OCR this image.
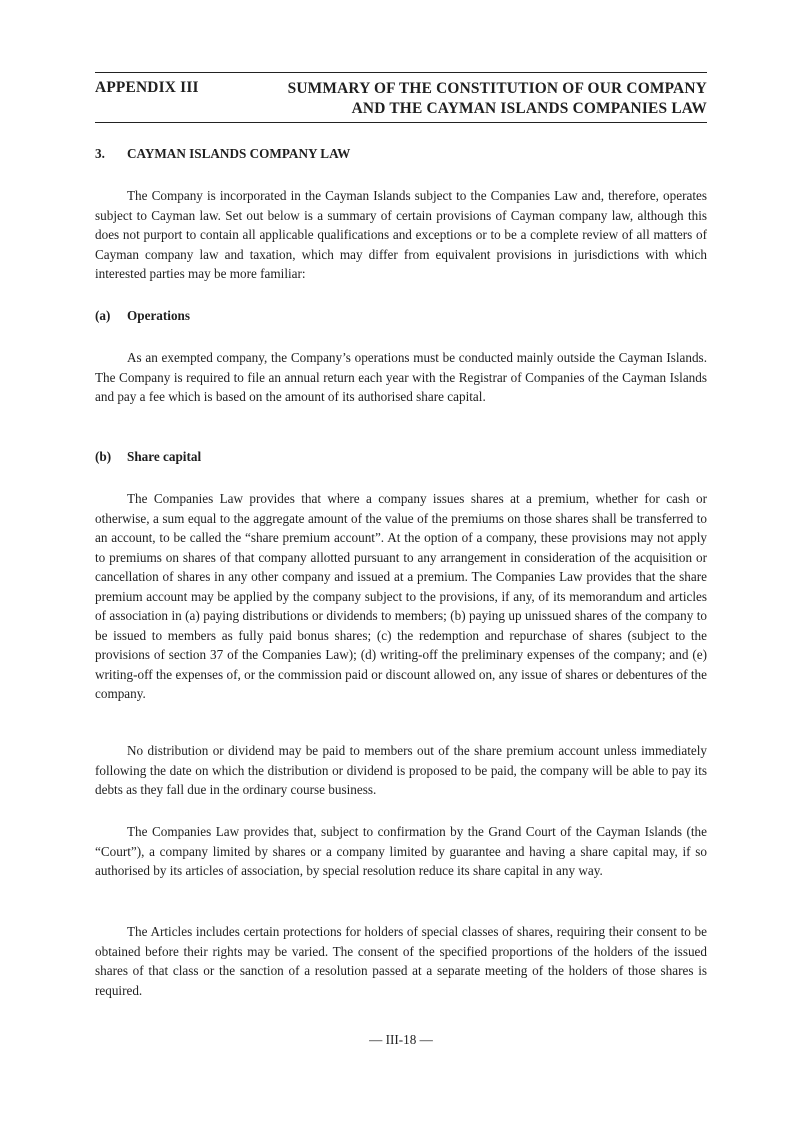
APPENDIX III	SUMMARY OF THE CONSTITUTION OF OUR COMPANY
AND THE CAYMAN ISLANDS COMPANIES LAW
3. CAYMAN ISLANDS COMPANY LAW

The Company is incorporated in the Cayman Islands subject to the Companies Law and, therefore, operates subject to Cayman law. Set out below is a summary of certain provisions of Cayman company law, although this does not purport to contain all applicable qualifications and exceptions or to be a complete review of all matters of Cayman company law and taxation, which may differ from equivalent provisions in jurisdictions with which interested parties may be more familiar:

(a) Operations

As an exempted company, the Company’s operations must be conducted mainly outside the Cayman Islands. The Company is required to file an annual return each year with the Registrar of Companies of the Cayman Islands and pay a fee which is based on the amount of its authorised share capital.

(b) Share capital

The Companies Law provides that where a company issues shares at a premium, whether for cash or otherwise, a sum equal to the aggregate amount of the value of the premiums on those shares shall be transferred to an account, to be called the “share premium account”. At the option of a company, these provisions may not apply to premiums on shares of that company allotted pursuant to any arrangement in consideration of the acquisition or cancellation of shares in any other company and issued at a premium. The Companies Law provides that the share premium account may be applied by the company subject to the provisions, if any, of its memorandum and articles of association in (a) paying distributions or dividends to members; (b) paying up unissued shares of the company to be issued to members as fully paid bonus shares; (c) the redemption and repurchase of shares (subject to the provisions of section 37 of the Companies Law); (d) writing-off the preliminary expenses of the company; and (e) writing-off the expenses of, or the commission paid or discount allowed on, any issue of shares or debentures of the company.

No distribution or dividend may be paid to members out of the share premium account unless immediately following the date on which the distribution or dividend is proposed to be paid, the company will be able to pay its debts as they fall due in the ordinary course business.

The Companies Law provides that, subject to confirmation by the Grand Court of the Cayman Islands (the “Court”), a company limited by shares or a company limited by guarantee and having a share capital may, if so authorised by its articles of association, by special resolution reduce its share capital in any way.

The Articles includes certain protections for holders of special classes of shares, requiring their consent to be obtained before their rights may be varied. The consent of the specified proportions of the holders of the issued shares of that class or the sanction of a resolution passed at a separate meeting of the holders of those shares is required.

— III-18 —
